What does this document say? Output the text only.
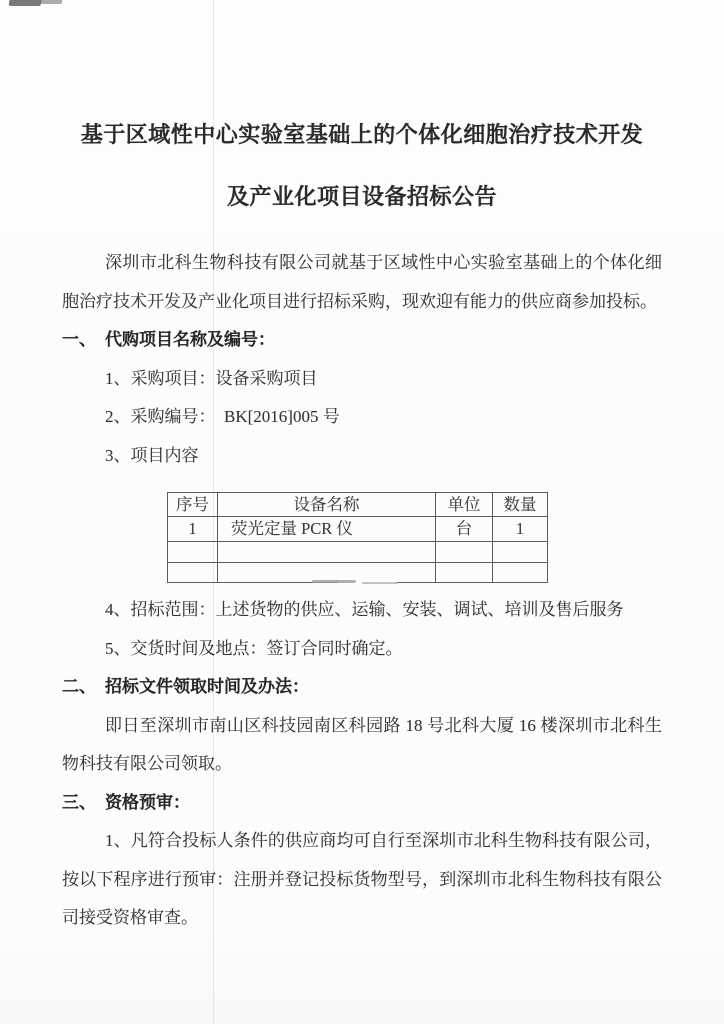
基于区域性中心实验室基础上的个体化细胞治疗技术开发
及产业化项目设备招标公告

深圳市北科生物科技有限公司就基于区域性中心实验室基础上的个体化细胞治疗技术开发及产业化项目进行招标采购，现欢迎有能力的供应商参加投标。

一、 代购项目名称及编号：
1、采购项目：设备采购项目
2、采购编号：  BK[2016]005 号
3、项目内容
序号	设备名称	单位	数量
1	荧光定量 PCR 仪	台	1

4、招标范围：上述货物的供应、运输、安装、调试、培训及售后服务
5、交货时间及地点：签订合同时确定。
二、 招标文件领取时间及办法：

即日至深圳市南山区科技园南区科园路 18 号北科大厦 16 楼深圳市北科生物科技有限公司领取。

三、 资格预审：

1、凡符合投标人条件的供应商均可自行至深圳市北科生物科技有限公司，按以下程序进行预审：注册并登记投标货物型号，到深圳市北科生物科技有限公司接受资格审查。
